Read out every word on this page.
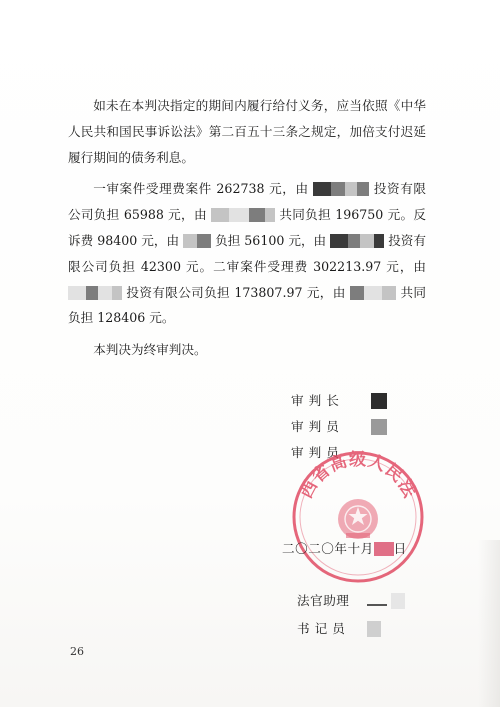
如未在本判决指定的期间内履行给付义务，应当依照《中华人民共和国民事诉讼法》第二百五十三条之规定，加倍支付迟延履行期间的债务利息。

一审案件受理费案件 262738 元，由	投资有限公司负担 65988 元，由	共同负担 196750 元。反诉费 98400 元，由	负担 56100 元，由	投资有限公司负担 42300 元。二审案件受理费 302213.97 元，由  投资有限公司负担 173807.97 元，由	共同负担 128406 元。

本判决为终审判决。

审 判 长
审 判 员
审 判 员
西省高级人民法
二〇二〇年十月 日
法官助理
书 记 员
26
